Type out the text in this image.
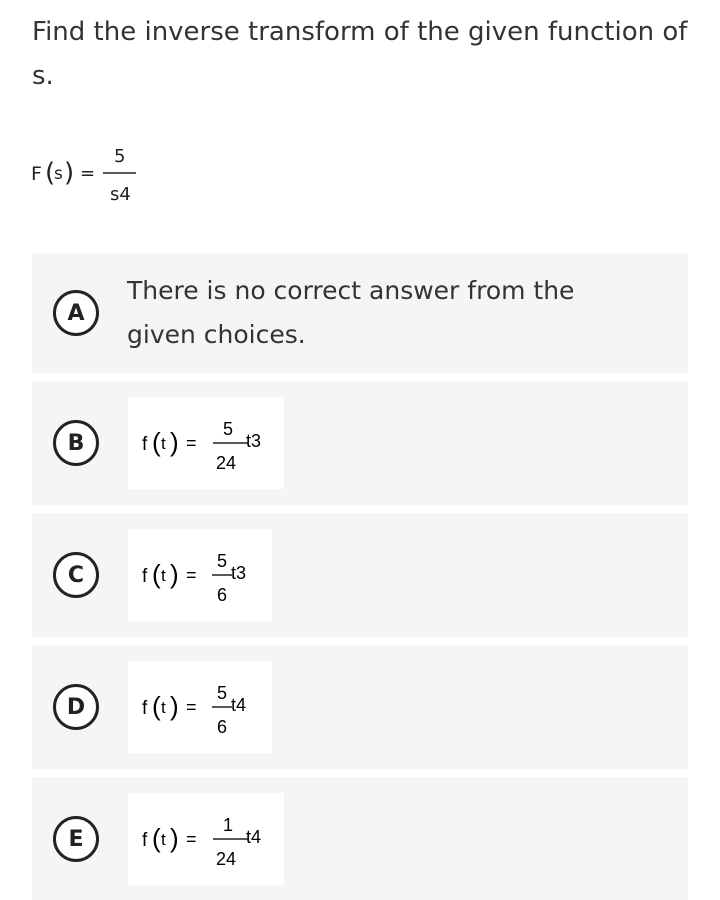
Find the inverse transform of the given function of s.
F (
s ) =
5
s4
A
There is no correct answer from the given choices.
B	f ( t ) =
5
24
t3
C	f ( t ) =
5
6
t3
D	f ( t ) =
5
6
t4
E	f ( t ) =
1
24
t4
